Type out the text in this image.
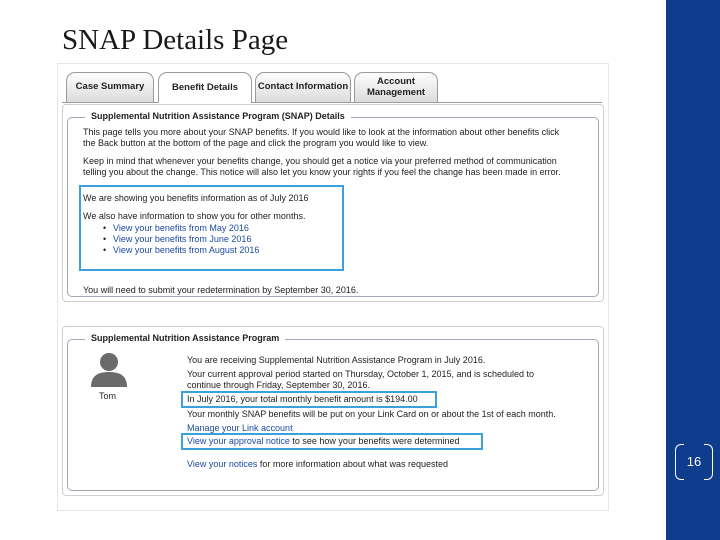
SNAP Details Page
16
Case Summary	Benefit Details	Contact Information	Account Management
Supplemental Nutrition Assistance Program (SNAP) Details
This page tells you more about your SNAP benefits. If you would like to look at the information about other benefits click
the Back button at the bottom of the page and click the program you would like to view.
Keep in mind that whenever your benefits change, you should get a notice via your preferred method of communication
telling you about the change. This notice will also let you know your rights if you feel the change has been made in error.
We are showing you benefits information as of July 2016
We also have information to show you for other months.
• View your benefits from May 2016
• View your benefits from June 2016
• View your benefits from August 2016
You will need to submit your redetermination by September 30, 2016.
Supplemental Nutrition Assistance Program
Tom
You are receiving Supplemental Nutrition Assistance Program in July 2016.
Your current approval period started on Thursday, October 1, 2015, and is scheduled to
continue through Friday, September 30, 2016.
In July 2016, your total monthly benefit amount is $194.00
Your monthly SNAP benefits will be put on your Link Card on or about the 1st of each month.
Manage your Link account
View your approval notice to see how your benefits were determined
View your notices for more information about what was requested
